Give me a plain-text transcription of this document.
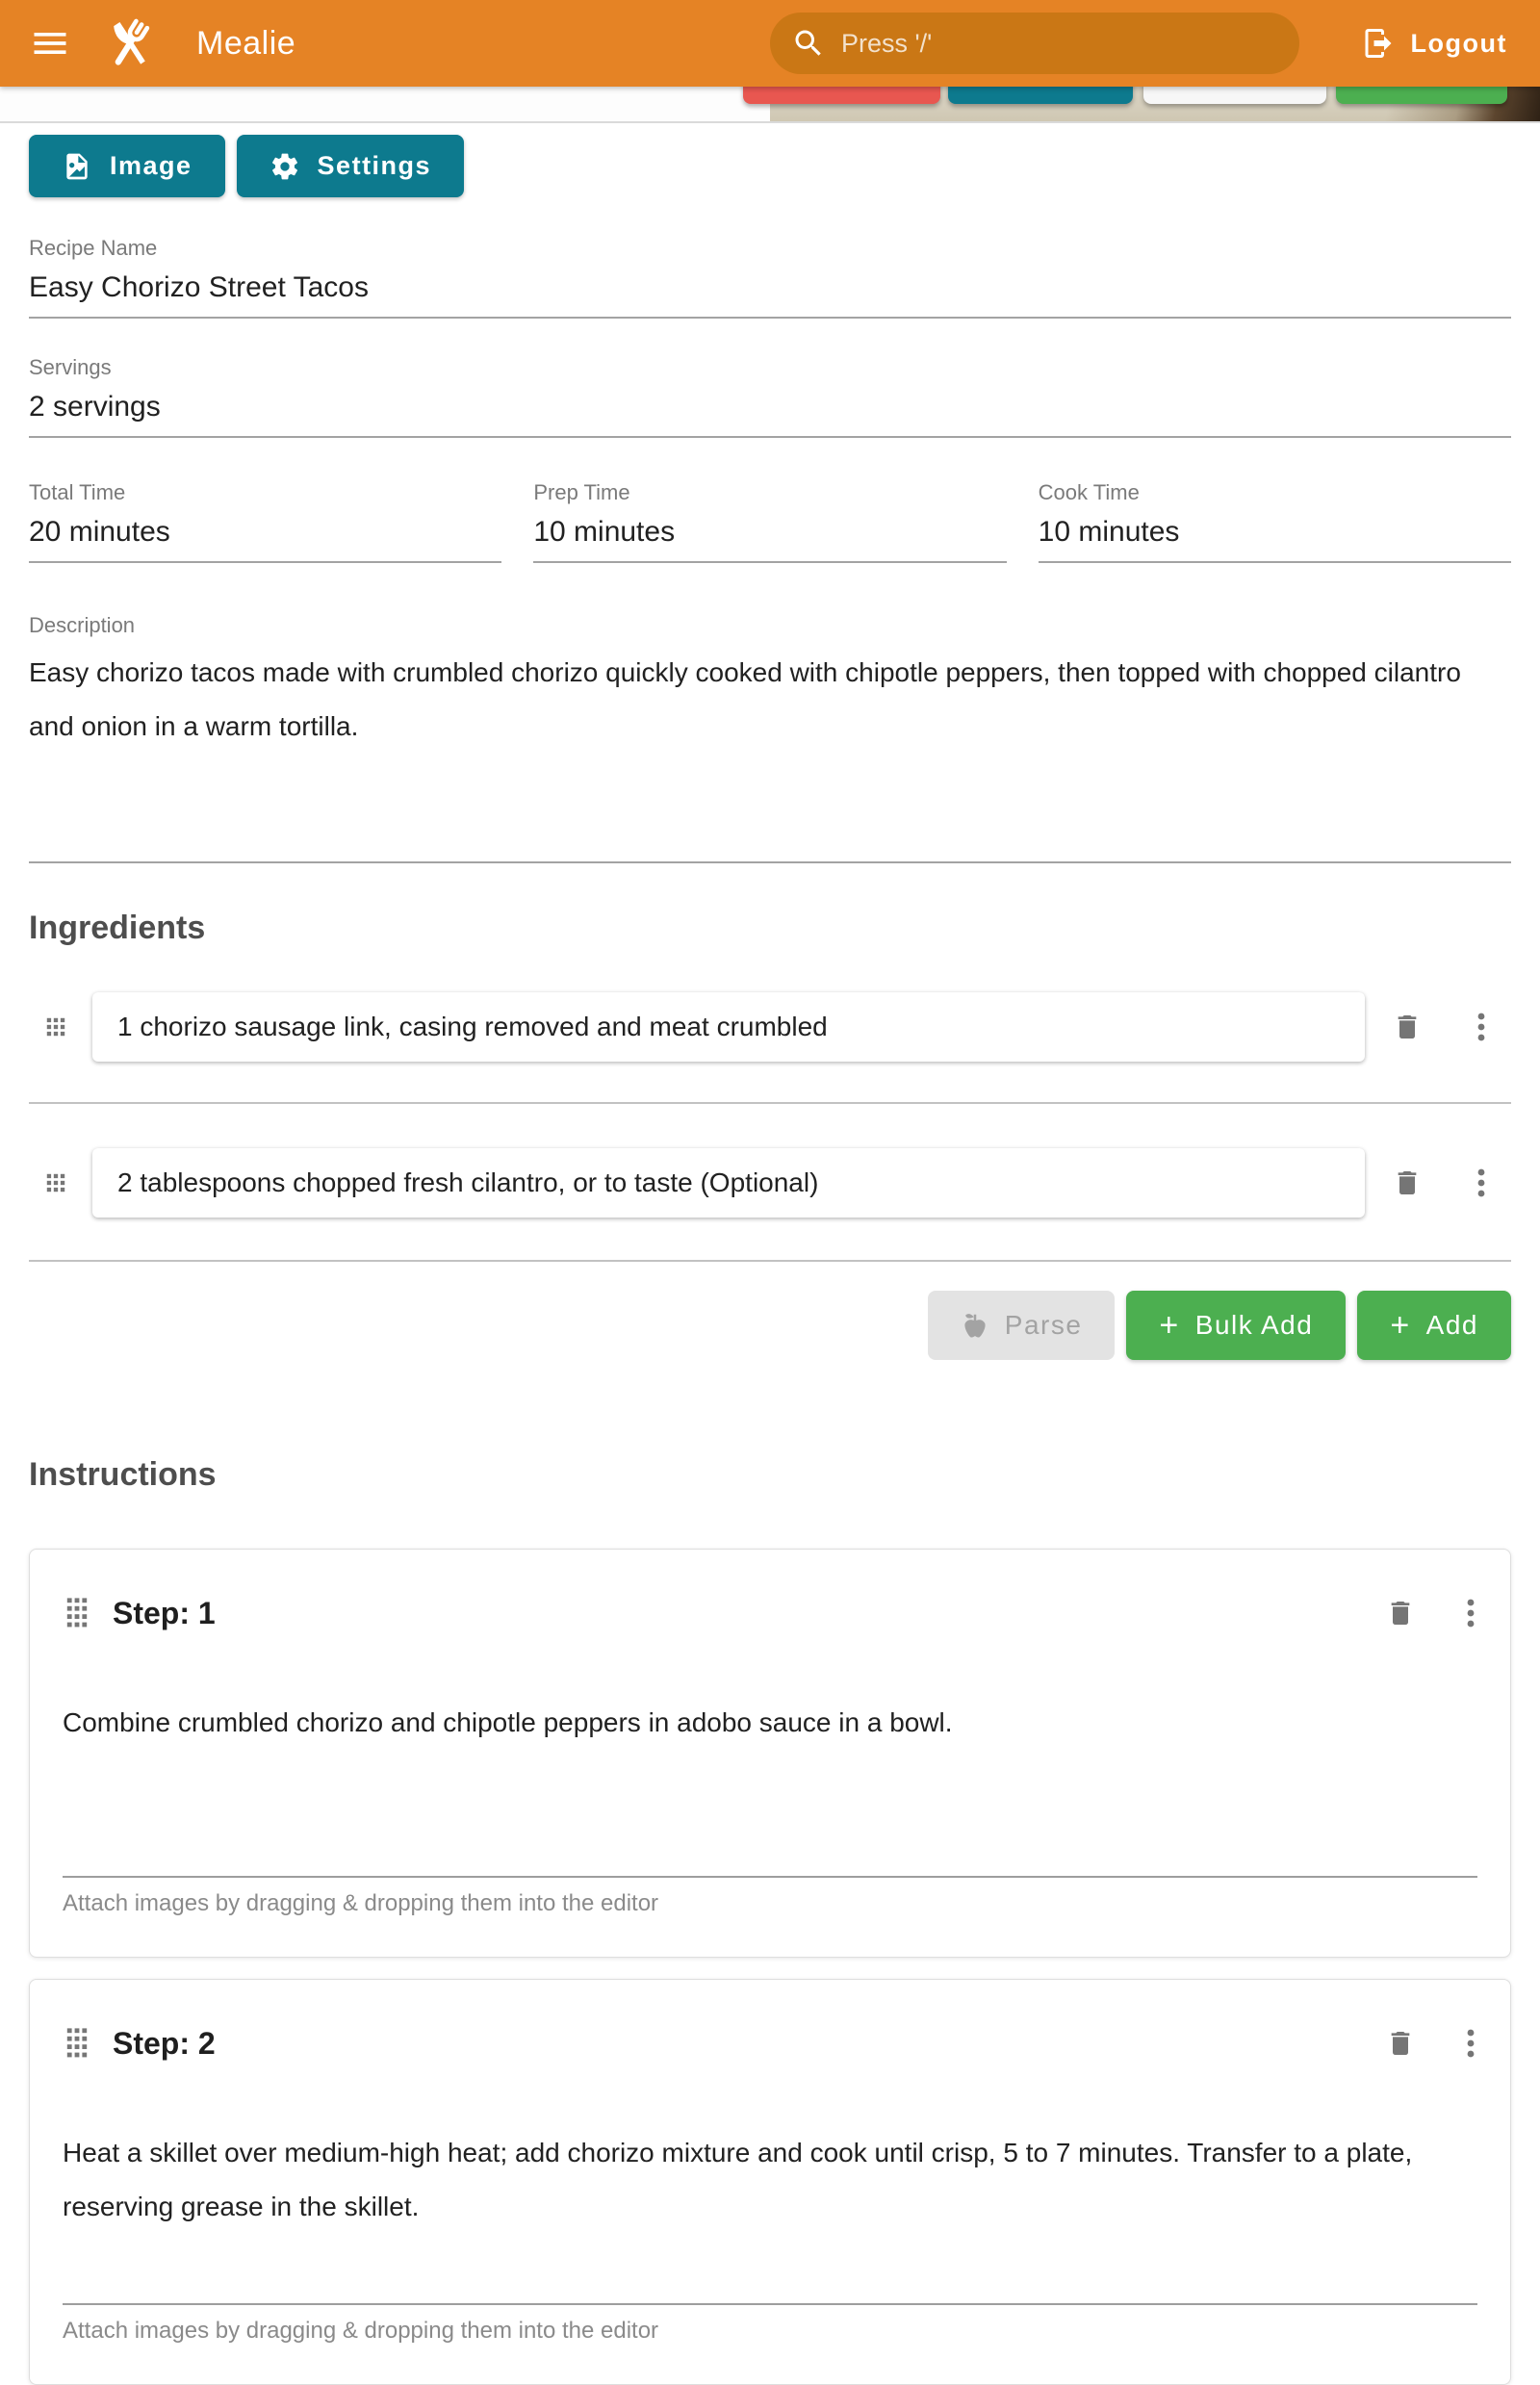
Mealie	Press '/'	Logout
Image	Settings
Recipe Name
Easy Chorizo Street Tacos
Servings
2 servings
Total Time
20 minutes
Prep Time
10 minutes
Cook Time
10 minutes
Description
Easy chorizo tacos made with crumbled chorizo quickly cooked with chipotle peppers, then topped with chopped cilantro and onion in a warm tortilla.
Ingredients
1 chorizo sausage link, casing removed and meat crumbled
2 tablespoons chopped fresh cilantro, or to taste (Optional)
Parse + Bulk Add + Add
Instructions
Step: 1
Combine crumbled chorizo and chipotle peppers in adobo sauce in a bowl.
Attach images by dragging & dropping them into the editor
Step: 2
Heat a skillet over medium-high heat; add chorizo mixture and cook until crisp, 5 to 7 minutes. Transfer to a plate, reserving grease in the skillet.
Attach images by dragging & dropping them into the editor
